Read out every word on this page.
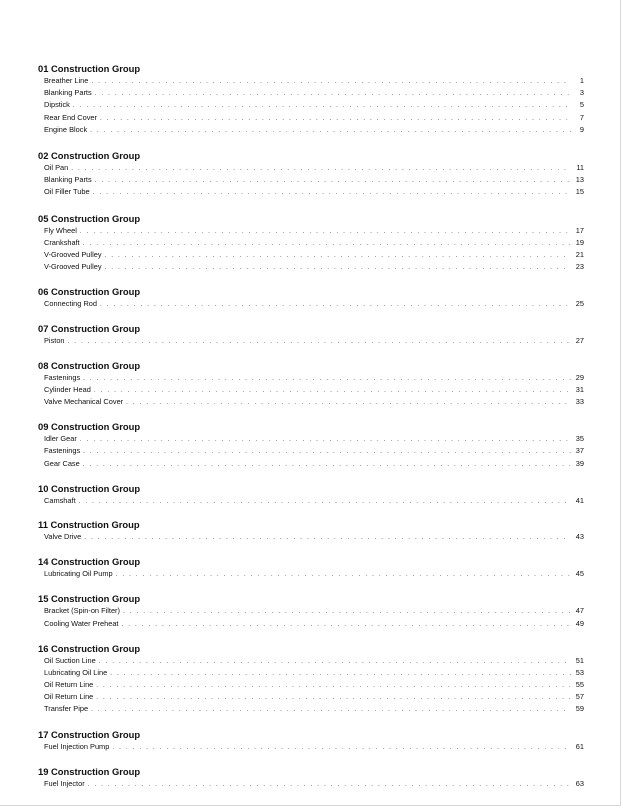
01 Construction Group
Breather Line . . .	1
Blanking Parts . . .	3
Dipstick . . .	5
Rear End Cover . . .	7
Engine Block . . .	9
02 Construction Group
Oil Pan . . .	11
Blanking Parts . . .	13
Oil Filler Tube . . .	15
05 Construction Group
Fly Wheel . . .	17
Crankshaft . . .	19
V-Grooved Pulley . . .	21
V-Grooved Pulley . . .	23
06 Construction Group
Connecting Rod . . .	25
07 Construction Group
Piston . . .	27
08 Construction Group
Fastenings . . .	29
Cylinder Head . . .	31
Valve Mechanical Cover . . .	33
09 Construction Group
Idler Gear . . .	35
Fastenings . . .	37
Gear Case . . .	39
10 Construction Group
Camshaft . . .	41
11 Construction Group
Valve Drive . . .	43
14 Construction Group
Lubricating Oil Pump . . .	45
15 Construction Group
Bracket (Spin-on Filter) . . .	47
Cooling Water Preheat . . .	49
16 Construction Group
Oil Suction Line . . .	51
Lubricating Oil Line . . .	53
Oil Return Line . . .	55
Oil Return Line . . .	57
Transfer Pipe . . .	59
17 Construction Group
Fuel Injection Pump . . .	61
19 Construction Group
Fuel Injector . . .	63
